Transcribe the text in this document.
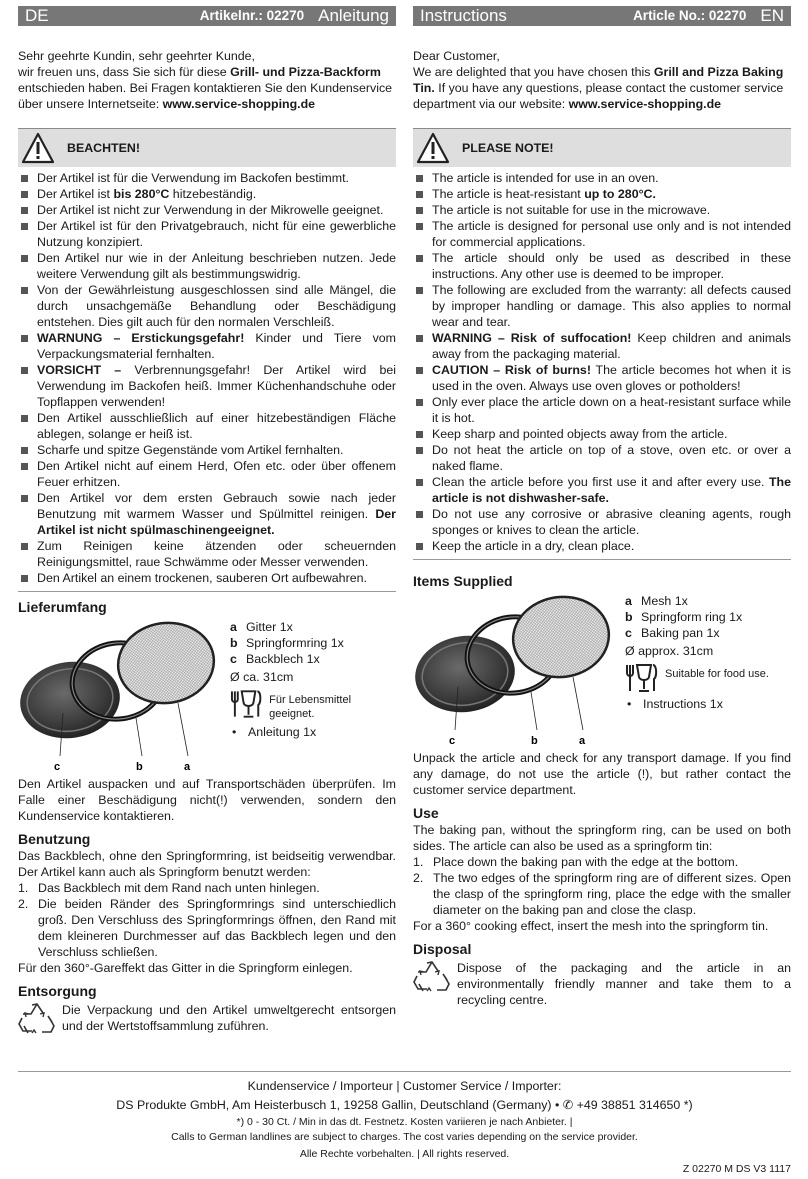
DE	Artikelnr.: 02270 Anleitung
Sehr geehrte Kundin, sehr geehrter Kunde,
wir freuen uns, dass Sie sich für diese Grill- und Pizza-Backform entschieden haben. Bei Fragen kontaktieren Sie den Kundenservice über unsere Internetseite: www.service-shopping.de
BEACHTEN!
Der Artikel ist für die Verwendung im Backofen bestimmt.
Der Artikel ist bis 280°C hitzebeständig.
Der Artikel ist nicht zur Verwendung in der Mikrowelle geeignet.
Der Artikel ist für den Privatgebrauch, nicht für eine gewerbliche Nutzung konzipiert.
Den Artikel nur wie in der Anleitung beschrieben nutzen. Jede weitere Verwendung gilt als bestimmungswidrig.
Von der Gewährleistung ausgeschlossen sind alle Mängel, die durch unsachgemäße Behandlung oder Beschädigung entstehen. Dies gilt auch für den normalen Verschleiß.
WARNUNG – Erstickungsgefahr! Kinder und Tiere vom Verpackungsmaterial fernhalten.
VORSICHT – Verbrennungsgefahr! Der Artikel wird bei Verwendung im Backofen heiß. Immer Küchenhandschuhe oder Topflappen verwenden!
Den Artikel ausschließlich auf einer hitzebeständigen Fläche ablegen, solange er heiß ist.
Scharfe und spitze Gegenstände vom Artikel fernhalten.
Den Artikel nicht auf einem Herd, Ofen etc. oder über offenem Feuer erhitzen.
Den Artikel vor dem ersten Gebrauch sowie nach jeder Benutzung mit warmem Wasser und Spülmittel reinigen. Der Artikel ist nicht spülmaschinengeeignet.
Zum Reinigen keine ätzenden oder scheuernden Reinigungsmittel, raue Schwämme oder Messer verwenden.
Den Artikel an einem trockenen, sauberen Ort aufbewahren.
Lieferumfang
c	b	a
a Gitter 1x
b Springformring 1x
c Backblech 1x
Ø ca. 31cm
Für Lebensmittel geeignet.
• Anleitung 1x
Den Artikel auspacken und auf Transportschäden überprüfen. Im Falle einer Beschädigung nicht(!) verwenden, sondern den Kundenservice kontaktieren.
Benutzung
Das Backblech, ohne den Springformring, ist beidseitig verwendbar. Der Artikel kann auch als Springform benutzt werden:
1. Das Backblech mit dem Rand nach unten hinlegen.
2. Die beiden Ränder des Springformrings sind unterschiedlich groß. Den Verschluss des Springformrings öffnen, den Rand mit dem kleineren Durchmesser auf das Backblech legen und den Verschluss schließen.
Für den 360°-Gareffekt das Gitter in die Springform einlegen.
Entsorgung
Die Verpackung und den Artikel umweltgerecht entsorgen und der Wertstoffsammlung zuführen.
Instructions	Article No.: 02270 EN
Dear Customer,
We are delighted that you have chosen this Grill and Pizza Baking Tin. If you have any questions, please contact the customer service department via our website: www.service-shopping.de
PLEASE NOTE!
The article is intended for use in an oven.
The article is heat-resistant up to 280°C.
The article is not suitable for use in the microwave.
The article is designed for personal use only and is not intended for commercial applications.
The article should only be used as described in these instructions. Any other use is deemed to be improper.
The following are excluded from the warranty: all defects caused by improper handling or damage. This also applies to normal wear and tear.
WARNING – Risk of suffocation! Keep children and animals away from the packaging material.
CAUTION – Risk of burns! The article becomes hot when it is used in the oven. Always use oven gloves or potholders!
Only ever place the article down on a heat-resistant surface while it is hot.
Keep sharp and pointed objects away from the article.
Do not heat the article on top of a stove, oven etc. or over a naked flame.
Clean the article before you first use it and after every use. The article is not dishwasher-safe.
Do not use any corrosive or abrasive cleaning agents, rough sponges or knives to clean the article.
Keep the article in a dry, clean place.
Items Supplied
c	b	a
a Mesh 1x
b Springform ring 1x
c Baking pan 1x
Ø approx. 31cm
Suitable for food use.
• Instructions 1x
Unpack the article and check for any transport damage. If you find any damage, do not use the article (!), but rather contact the customer service department.
Use
The baking pan, without the springform ring, can be used on both sides. The article can also be used as a springform tin:
1. Place down the baking pan with the edge at the bottom.
2. The two edges of the springform ring are of different sizes. Open the clasp of the springform ring, place the edge with the smaller diameter on the baking pan and close the clasp.
For a 360° cooking effect, insert the mesh into the springform tin.
Disposal
Dispose of the packaging and the article in an environmentally friendly manner and take them to a recycling centre.
Kundenservice / Importeur | Customer Service / Importer:
DS Produkte GmbH, Am Heisterbusch 1, 19258 Gallin, Deutschland (Germany) • ✆ +49 38851 314650 *)
*) 0 - 30 Ct. / Min in das dt. Festnetz. Kosten variieren je nach Anbieter. |
Calls to German landlines are subject to charges. The cost varies depending on the service provider.
Alle Rechte vorbehalten. | All rights reserved.
Z 02270 M DS V3 1117
